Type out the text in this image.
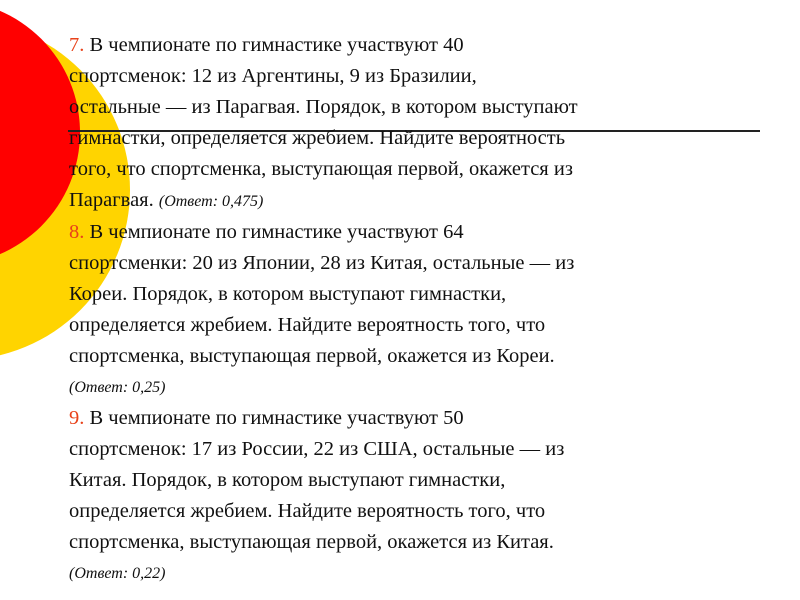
7. В чемпионате по гимнастике участвуют 40
спортсменок: 12 из Аргентины, 9 из Бразилии,
остальные — из Парагвая. Порядок, в котором выступают
гимнастки, определяется жребием. Найдите вероятность
того, что спортсменка, выступающая первой, окажется из
Парагвая. (Ответ: 0,475)
8. В чемпионате по гимнастике участвуют 64
спортсменки: 20 из Японии, 28 из Китая, остальные — из
Кореи. Порядок, в котором выступают гимнастки,
определяется жребием. Найдите вероятность того, что
спортсменка, выступающая первой, окажется из Кореи.
(Ответ: 0,25)
9. В чемпионате по гимнастике участвуют 50
спортсменок: 17 из России, 22 из США, остальные — из
Китая. Порядок, в котором выступают гимнастки,
определяется жребием. Найдите вероятность того, что
спортсменка, выступающая первой, окажется из Китая.
(Ответ: 0,22)
